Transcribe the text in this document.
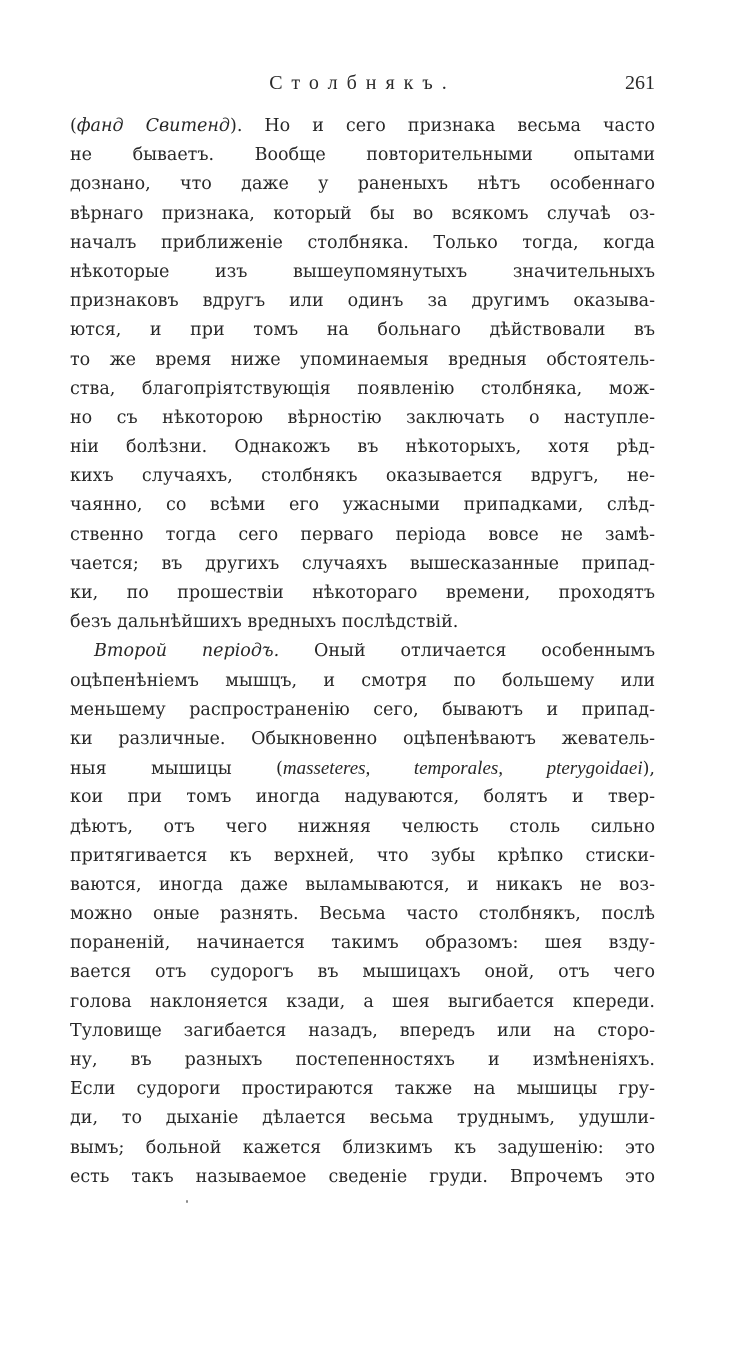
Столбнякъ.	261
(фанд Свитенд). Но и сего признака весьма часто
не бываетъ. Вообще повторительными опытами
дознано, что даже у раненыхъ нѣтъ особеннаго
вѣрнаго признака, который бы во всякомъ случаѣ оз-
началъ приближеніе столбняка. Только тогда, когда
нѣкоторые изъ вышеупомянутыхъ значительныхъ
признаковъ вдругъ или одинъ за другимъ оказыва-
ются, и при томъ на больнаго дѣйствовали въ
то же время ниже упоминаемыя вредныя обстоятель-
ства, благопріятствующія появленію столбняка, мож-
но съ нѣкоторою вѣрностію заключать о наступле-
ніи болѣзни. Однакожъ въ нѣкоторыхъ, хотя рѣд-
кихъ случаяхъ, столбнякъ оказывается вдругъ, не-
чаянно, со всѣми его ужасными припадками, слѣд-
ственно тогда сего перваго періода вовсе не замѣ-
чается; въ другихъ случаяхъ вышесказанные припад-
ки, по прошествіи нѣкотораго времени, проходятъ
безъ дальнѣйшихъ вредныхъ послѣдствій.
Второй періодъ. Оный отличается особеннымъ
оцѣпенѣніемъ мышцъ, и смотря по большему или
меньшему распространенію сего, бываютъ и припад-
ки различные. Обыкновенно оцѣпенѣваютъ жеватель-
ныя мышицы (masseteres, temporales, pterygoidaei),
кои при томъ иногда надуваются, болятъ и твер-
дѣютъ, отъ чего нижняя челюсть столь сильно
притягивается къ верхней, что зубы крѣпко стиски-
ваются, иногда даже выламываются, и никакъ не воз-
можно оные разнять. Весьма часто столбнякъ, послѣ
пораненій, начинается такимъ образомъ: шея взду-
вается отъ судорогъ въ мышицахъ оной, отъ чего
голова наклоняется кзади, а шея выгибается кпереди.
Туловище загибается назадъ, впередъ или на сторо-
ну, въ разныхъ постепенностяхъ и измѣненіяхъ.
Если судороги простираются также на мышицы гру-
ди, то дыханіе дѣлается весьма труднымъ, удушли-
вымъ; больной кажется близкимъ къ задушенію: это
есть такъ называемое сведеніе груди. Впрочемъ это
